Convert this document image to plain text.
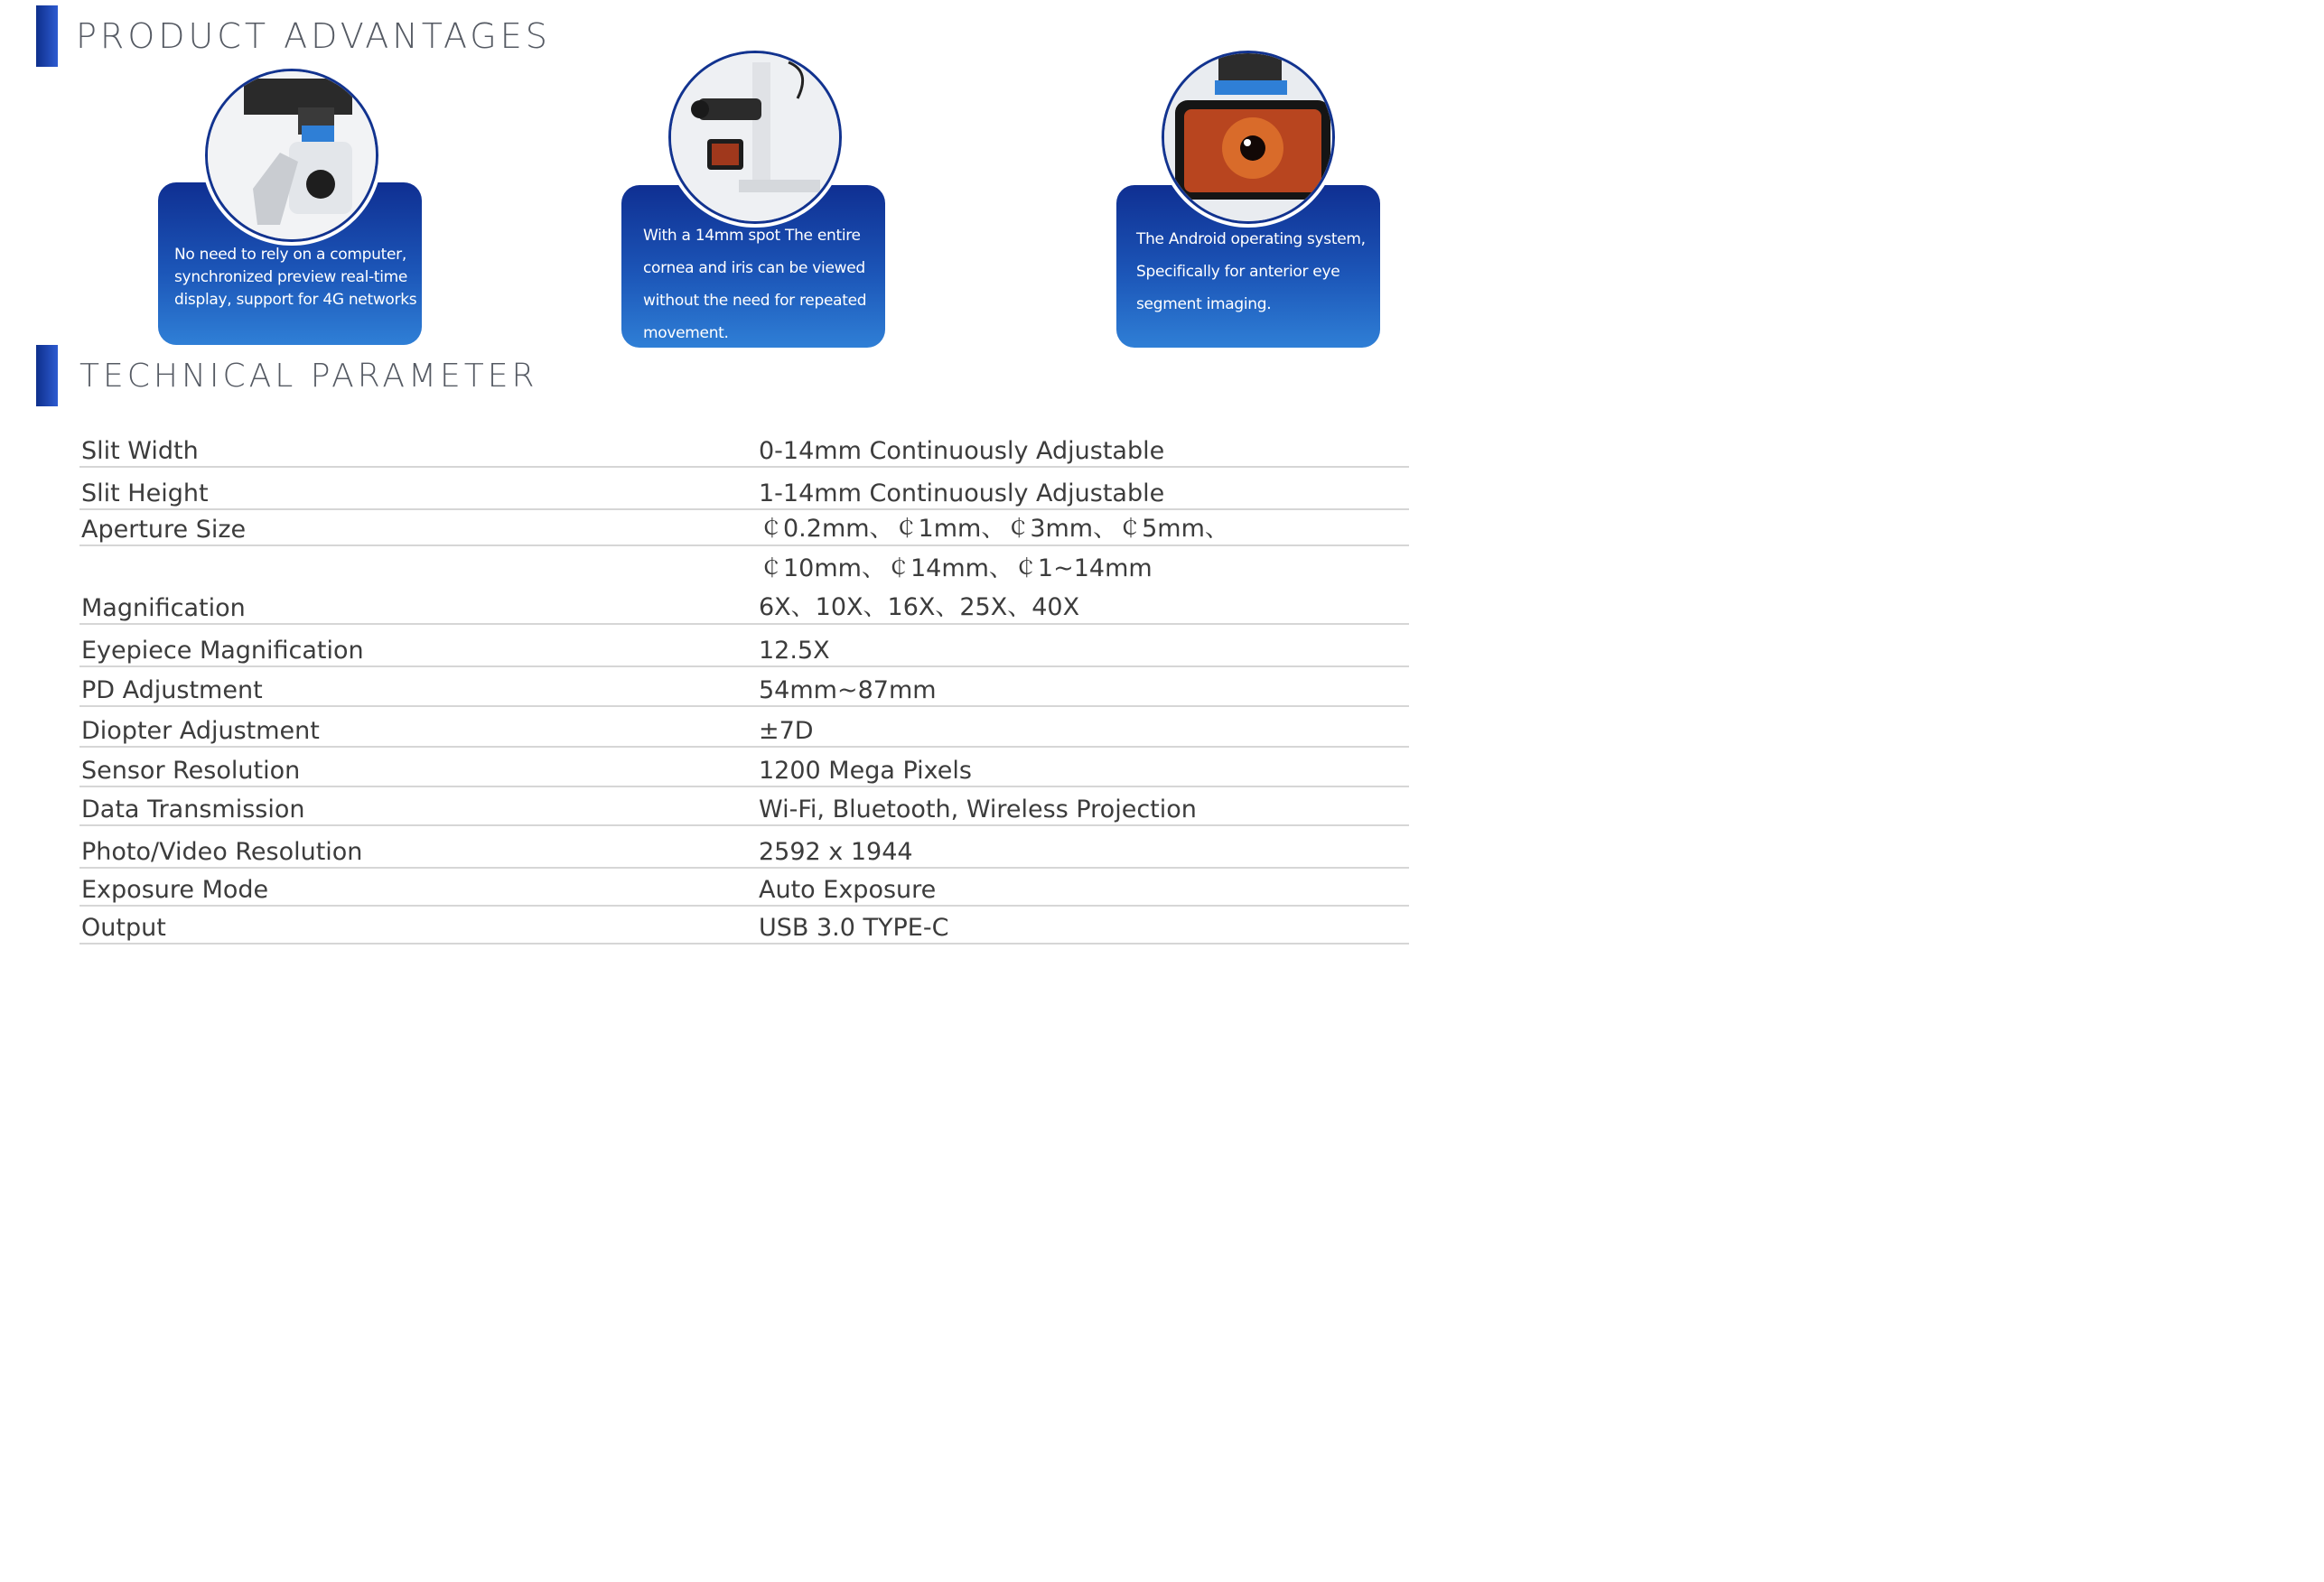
PRODUCT ADVANTAGES
No need to rely on a computer,
synchronized preview real-time
display, support for 4G networks
With a 14mm spot The entire
cornea and iris can be viewed
without the need for repeated
movement.
The Android operating system,
Specifically for anterior eye
segment imaging.
TECHNICAL PARAMETER
Slit Width	0-14mm Continuously Adjustable
Slit Height	1-14mm Continuously Adjustable
Aperture Size	￠0.2mm、￠1mm、￠3mm、￠5mm、
￠10mm、￠14mm、￠1~14mm
Magnification	6X、10X、16X、25X、40X
Eyepiece Magnification	12.5X
PD Adjustment	54mm~87mm
Diopter Adjustment	±7D
Sensor Resolution	1200 Mega Pixels
Data Transmission	Wi-Fi, Bluetooth, Wireless Projection
Photo/Video Resolution	2592 x 1944
Exposure Mode	Auto Exposure
Output	USB 3.0 TYPE-C
